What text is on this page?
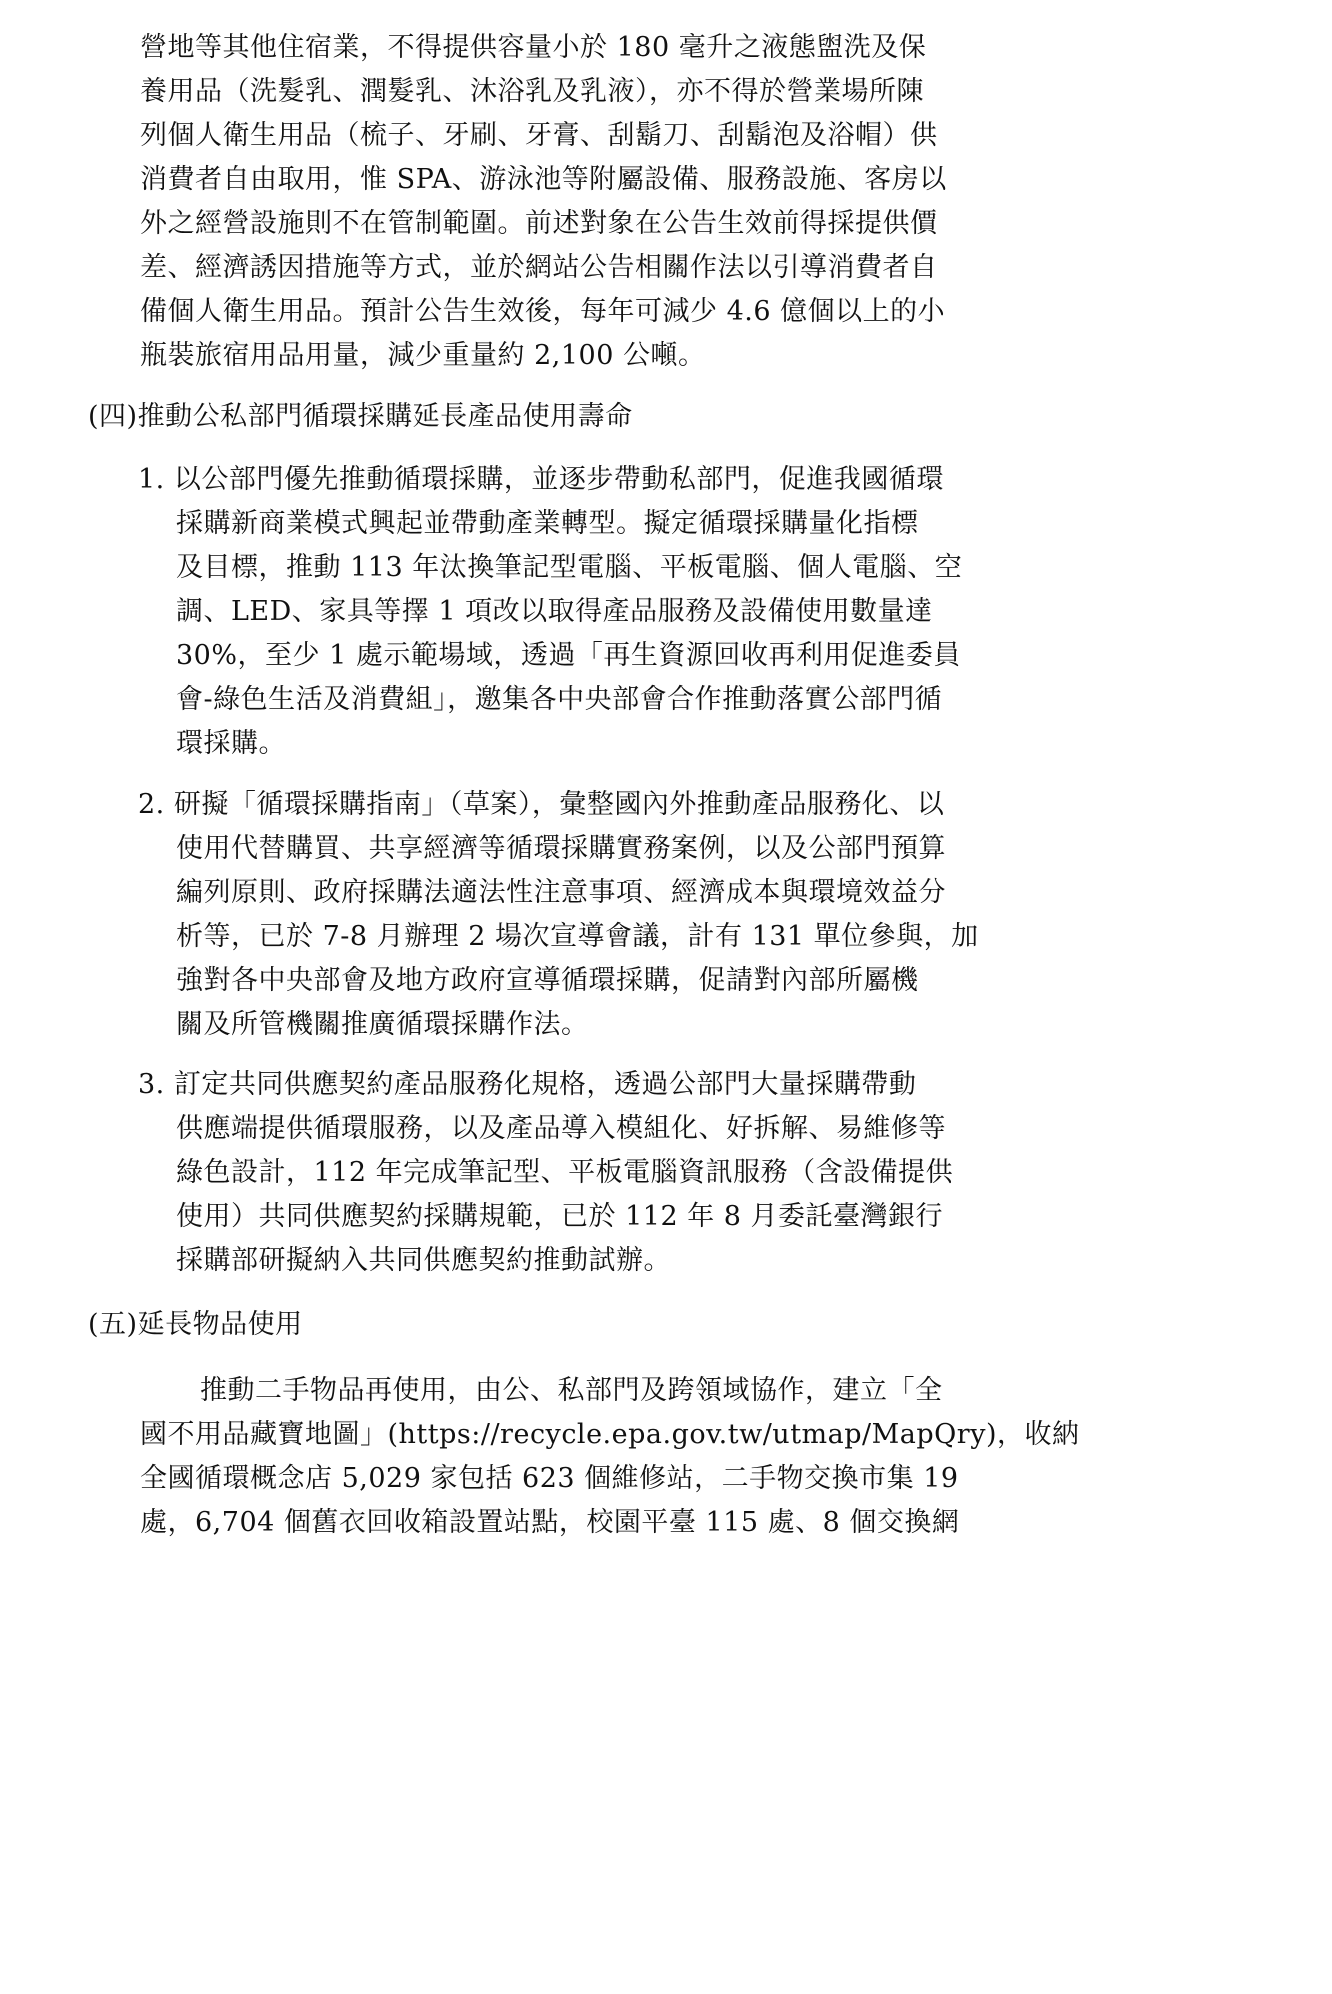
營地等其他住宿業，不得提供容量小於 180 毫升之液態盥洗及保
養用品（洗髮乳、潤髮乳、沐浴乳及乳液），亦不得於營業場所陳
列個人衛生用品（梳子、牙刷、牙膏、刮鬍刀、刮鬍泡及浴帽）供
消費者自由取用，惟 SPA、游泳池等附屬設備、服務設施、客房以
外之經營設施則不在管制範圍。前述對象在公告生效前得採提供價
差、經濟誘因措施等方式，並於網站公告相關作法以引導消費者自
備個人衛生用品。預計公告生效後，每年可減少 4.6 億個以上的小
瓶裝旅宿用品用量，減少重量約 2,100 公噸。
(四)推動公私部門循環採購延長產品使用壽命
1. 以公部門優先推動循環採購，並逐步帶動私部門，促進我國循環
採購新商業模式興起並帶動產業轉型。擬定循環採購量化指標
及目標，推動 113 年汰換筆記型電腦、平板電腦、個人電腦、空
調、LED、家具等擇 1 項改以取得產品服務及設備使用數量達
30%，至少 1 處示範場域，透過「再生資源回收再利用促進委員
會-綠色生活及消費組」，邀集各中央部會合作推動落實公部門循
環採購。
2. 研擬「循環採購指南」（草案），彙整國內外推動產品服務化、以
使用代替購買、共享經濟等循環採購實務案例，以及公部門預算
編列原則、政府採購法適法性注意事項、經濟成本與環境效益分
析等，已於 7-8 月辦理 2 場次宣導會議，計有 131 單位參與，加
強對各中央部會及地方政府宣導循環採購，促請對內部所屬機
關及所管機關推廣循環採購作法。
3. 訂定共同供應契約產品服務化規格，透過公部門大量採購帶動
供應端提供循環服務，以及產品導入模組化、好拆解、易維修等
綠色設計，112 年完成筆記型、平板電腦資訊服務（含設備提供
使用）共同供應契約採購規範，已於 112 年 8 月委託臺灣銀行
採購部研擬納入共同供應契約推動試辦。
(五)延長物品使用
推動二手物品再使用，由公、私部門及跨領域協作，建立「全
國不用品藏寶地圖」(https://recycle.epa.gov.tw/utmap/MapQry)，收納
全國循環概念店 5,029 家包括 623 個維修站，二手物交換市集 19
處，6,704 個舊衣回收箱設置站點，校園平臺 115 處、8 個交換網
